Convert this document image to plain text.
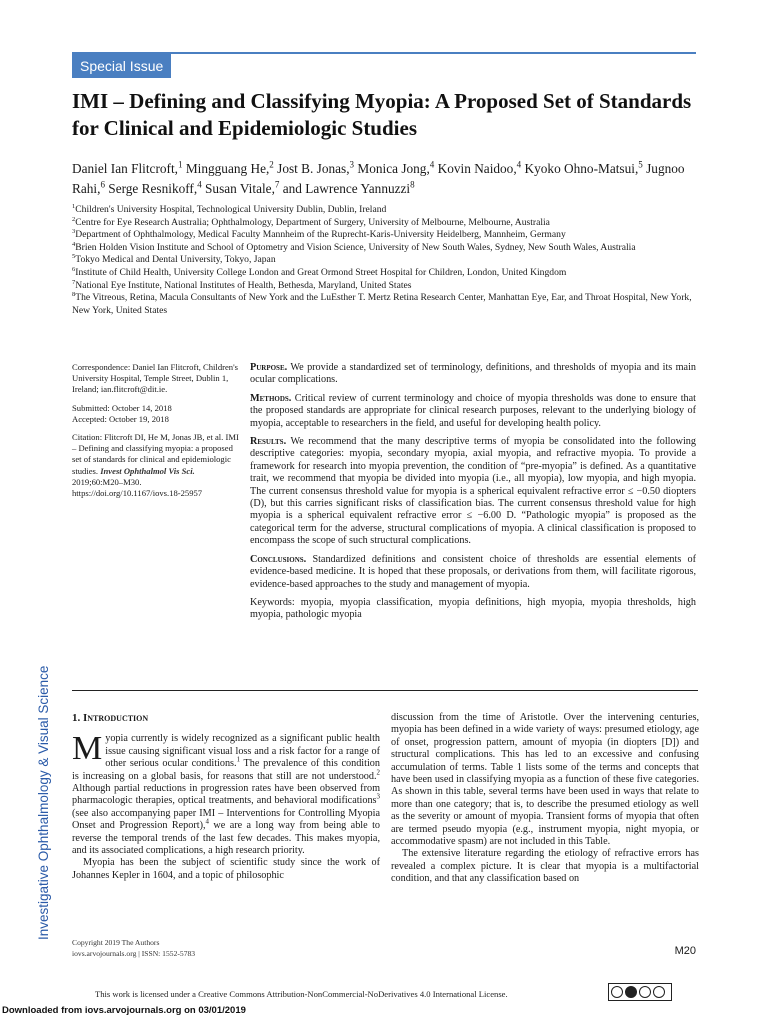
Special Issue
IMI – Defining and Classifying Myopia: A Proposed Set of Standards for Clinical and Epidemiologic Studies
Daniel Ian Flitcroft,$^1$ Mingguang He,$^2$ Jost B. Jonas,$^3$ Monica Jong,$^4$ Kovin Naidoo,$^4$ Kyoko Ohno-Matsui,$^5$ Jugnoo Rahi,$^6$ Serge Resnikoff,$^4$ Susan Vitale,$^7$ and Lawrence Yannuzzi$^8$
$^1$Children's University Hospital, Technological University Dublin, Dublin, Ireland
$^2$Centre for Eye Research Australia; Ophthalmology, Department of Surgery, University of Melbourne, Melbourne, Australia
$^3$Department of Ophthalmology, Medical Faculty Mannheim of the Ruprecht-Karis-University Heidelberg, Mannheim, Germany
$^4$Brien Holden Vision Institute and School of Optometry and Vision Science, University of New South Wales, Sydney, New South Wales, Australia
$^5$Tokyo Medical and Dental University, Tokyo, Japan
$^6$Institute of Child Health, University College London and Great Ormond Street Hospital for Children, London, United Kingdom
$^7$National Eye Institute, National Institutes of Health, Bethesda, Maryland, United States
$^8$The Vitreous, Retina, Macula Consultants of New York and the LuEsther T. Mertz Retina Research Center, Manhattan Eye, Ear, and Throat Hospital, New York, New York, United States

Correspondence: Daniel Ian Flitcroft, Children's University Hospital, Temple Street, Dublin 1, Ireland; ian.flitcroft@dit.ie.

Submitted: October 14, 2018

Accepted: October 19, 2018

Citation: Flitcroft DI, He M, Jonas JB, et al. IMI – Defining and classifying myopia: a proposed set of standards for clinical and epidemiologic studies. Invest Ophthalmol Vis Sci. 2019;60:M20–M30. https://doi.org/10.1167/iovs.18-25957

Purpose. We provide a standardized set of terminology, definitions, and thresholds of myopia and its main ocular complications.

Methods. Critical review of current terminology and choice of myopia thresholds was done to ensure that the proposed standards are appropriate for clinical research purposes, relevant to the underlying biology of myopia, acceptable to researchers in the field, and useful for developing health policy.

Results. We recommend that the many descriptive terms of myopia be consolidated into the following descriptive categories: myopia, secondary myopia, axial myopia, and refractive myopia. To provide a framework for research into myopia prevention, the condition of “pre-myopia” is defined. As a quantitative trait, we recommend that myopia be divided into myopia (i.e., all myopia), low myopia, and high myopia. The current consensus threshold value for myopia is a spherical equivalent refractive error ≤ −0.50 diopters (D), but this carries significant risks of classification bias. The current consensus threshold value for high myopia is a spherical equivalent refractive error ≤ −6.00 D. “Pathologic myopia” is proposed as the categorical term for the adverse, structural complications of myopia. A clinical classification is proposed to encompass the scope of such structural complications.

Conclusions. Standardized definitions and consistent choice of thresholds are essential elements of evidence-based medicine. It is hoped that these proposals, or derivations from them, will facilitate rigorous, evidence-based approaches to the study and management of myopia.

Keywords: myopia, myopia classification, myopia definitions, high myopia, myopia thresholds, high myopia, pathologic myopia

Investigative Ophthalmology & Visual Science 1. Introduction

Myopia currently is widely recognized as a significant public health issue causing significant visual loss and a risk factor for a range of other serious ocular conditions.$^1$ The prevalence of this condition is increasing on a global basis, for reasons that still are not understood.$^2$ Although partial reductions in progression rates have been observed from pharmacologic therapies, optical treatments, and behavioral modifications$^3$ (see also accompanying paper IMI – Interventions for Controlling Myopia Onset and Progression Report),$^4$ we are a long way from being able to reverse the temporal trends of the last few decades. This makes myopia, and its associated complications, a high research priority.

Myopia has been the subject of scientific study since the work of Johannes Kepler in 1604, and a topic of philosophic

discussion from the time of Aristotle. Over the intervening centuries, myopia has been defined in a wide variety of ways: presumed etiology, age of onset, progression pattern, amount of myopia (in diopters [D]) and structural complications. This has led to an excessive and confusing accumulation of terms. Table 1 lists some of the terms and concepts that have been used in classifying myopia as a function of these five categories. As shown in this table, several terms have been used in ways that relate to more than one category; that is, to describe the presumed etiology as well as the severity or amount of myopia. Transient forms of myopia that often are termed pseudo myopia (e.g., instrument myopia, night myopia, or accommodative spasm) are not included in this Table.

The extensive literature regarding the etiology of refractive errors has revealed a complex picture. It is clear that myopia is a multifactorial condition, and that any classification based on

Copyright 2019 The Authors
iovs.arvojournals.org | ISSN: 1552-5783	M20
This work is licensed under a Creative Commons Attribution-NonCommercial-NoDerivatives 4.0 International License.
Downloaded from iovs.arvojournals.org on 03/01/2019
